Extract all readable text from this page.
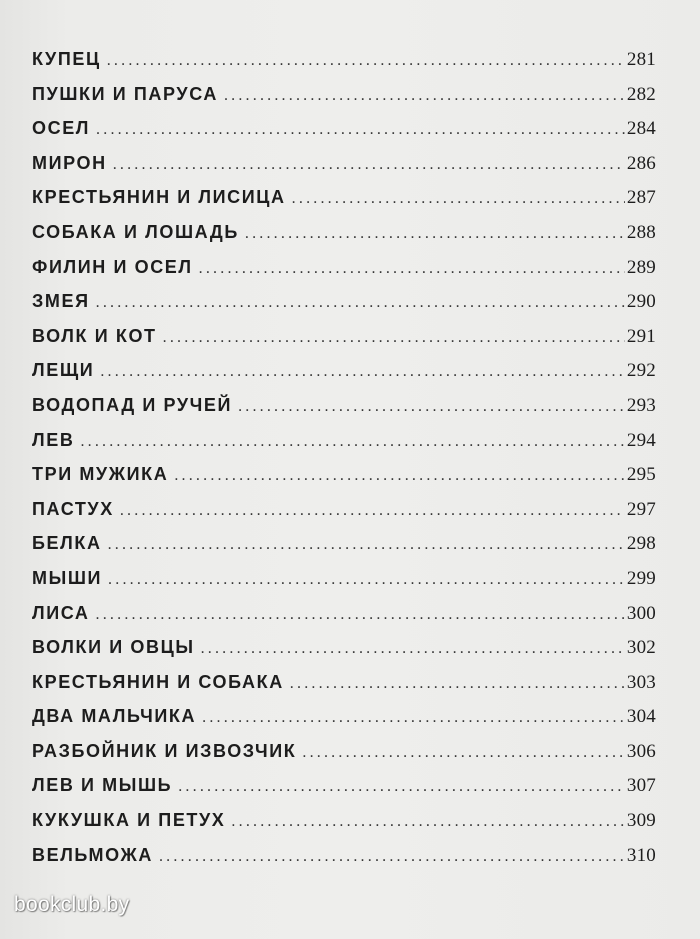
КУПЕЦ .....	281
ПУШКИ И ПАРУСА .....	282
ОСЕЛ .....	284
МИРОН .....	286
КРЕСТЬЯНИН И ЛИСИЦА .....	287
СОБАКА И ЛОШАДЬ .....	288
ФИЛИН И ОСЕЛ .....	289
ЗМЕЯ .....	290
ВОЛК И КОТ .....	291
ЛЕЩИ .....	292
ВОДОПАД И РУЧЕЙ .....	293
ЛЕВ .....	294
ТРИ МУЖИКА .....	295
ПАСТУХ .....	297
БЕЛКА .....	298
МЫШИ .....	299
ЛИСА .....	300
ВОЛКИ И ОВЦЫ .....	302
КРЕСТЬЯНИН И СОБАКА .....	303
ДВА МАЛЬЧИКА .....	304
РАЗБОЙНИК И ИЗВОЗЧИК .....	306
ЛЕВ И МЫШЬ .....	307
КУКУШКА И ПЕТУХ .....	309
ВЕЛЬМОЖА .....	310
bookclub.by
